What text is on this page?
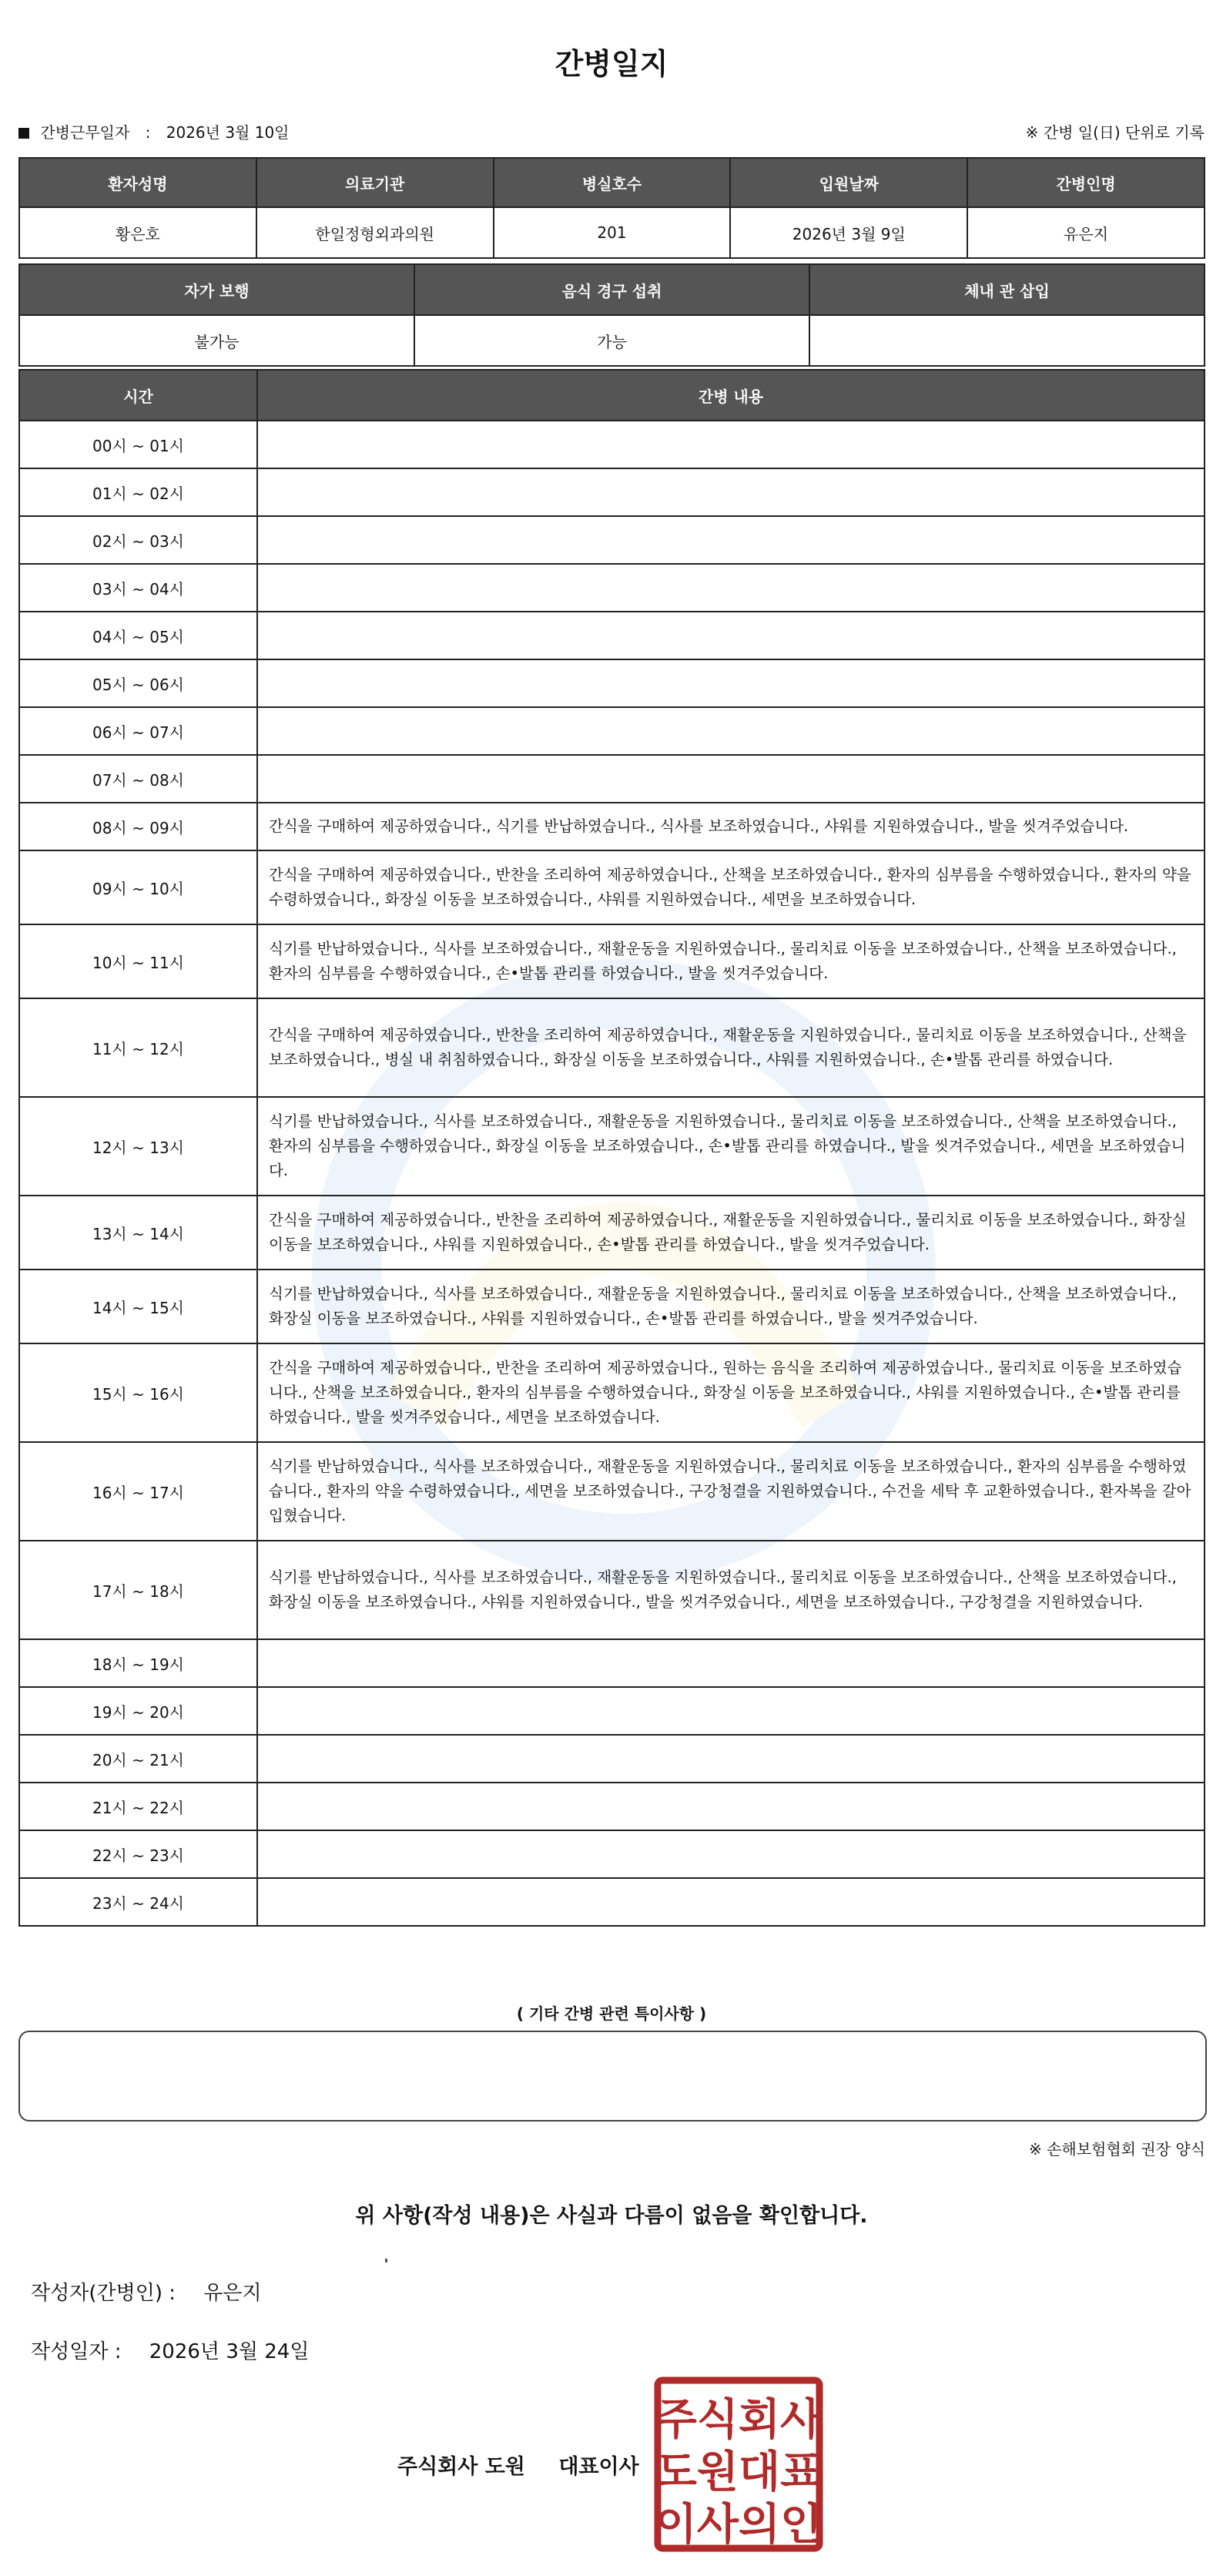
간병일지
간병근무일자 : 2026년 3월 10일	※ 간병 일(日) 단위로 기록
환자성명	의료기관	병실호수	입원날짜	간병인명
황은호	한일정형외과의원	201	2026년 3월 9일	유은지
자가 보행	음식 경구 섭취	체내 관 삽입
불가능	가능	
시간	간병 내용
00시 ~ 01시	
01시 ~ 02시	
02시 ~ 03시	
03시 ~ 04시	
04시 ~ 05시	
05시 ~ 06시	
06시 ~ 07시	
07시 ~ 08시	
08시 ~ 09시	간식을 구매하여 제공하였습니다., 식기를 반납하였습니다., 식사를 보조하였습니다., 샤워를 지원하였습니다., 발을 씻겨주었습니다.
09시 ~ 10시	간식을 구매하여 제공하였습니다., 반찬을 조리하여 제공하였습니다., 산책을 보조하였습니다., 환자의 심부름을 수행하였습니다., 환자의 약을 수령하였습니다., 화장실 이동을 보조하였습니다., 샤워를 지원하였습니다., 세면을 보조하였습니다.
10시 ~ 11시	식기를 반납하였습니다., 식사를 보조하였습니다., 재활운동을 지원하였습니다., 물리치료 이동을 보조하였습니다., 산책을 보조하였습니다., 환자의 심부름을 수행하였습니다., 손•발톱 관리를 하였습니다., 발을 씻겨주었습니다.
11시 ~ 12시	간식을 구매하여 제공하였습니다., 반찬을 조리하여 제공하였습니다., 재활운동을 지원하였습니다., 물리치료 이동을 보조하였습니다., 산책을 보조하였습니다., 병실 내 취침하였습니다., 화장실 이동을 보조하였습니다., 샤워를 지원하였습니다., 손•발톱 관리를 하였습니다.
12시 ~ 13시	식기를 반납하였습니다., 식사를 보조하였습니다., 재활운동을 지원하였습니다., 물리치료 이동을 보조하였습니다., 산책을 보조하였습니다., 환자의 심부름을 수행하였습니다., 화장실 이동을 보조하였습니다., 손•발톱 관리를 하였습니다., 발을 씻겨주었습니다., 세면을 보조하였습니다.
13시 ~ 14시	간식을 구매하여 제공하였습니다., 반찬을 조리하여 제공하였습니다., 재활운동을 지원하였습니다., 물리치료 이동을 보조하였습니다., 화장실 이동을 보조하였습니다., 샤워를 지원하였습니다., 손•발톱 관리를 하였습니다., 발을 씻겨주었습니다.
14시 ~ 15시	식기를 반납하였습니다., 식사를 보조하였습니다., 재활운동을 지원하였습니다., 물리치료 이동을 보조하였습니다., 산책을 보조하였습니다., 화장실 이동을 보조하였습니다., 샤워를 지원하였습니다., 손•발톱 관리를 하였습니다., 발을 씻겨주었습니다.
15시 ~ 16시	간식을 구매하여 제공하였습니다., 반찬을 조리하여 제공하였습니다., 원하는 음식을 조리하여 제공하였습니다., 물리치료 이동을 보조하였습니다., 산책을 보조하였습니다., 환자의 심부름을 수행하였습니다., 화장실 이동을 보조하였습니다., 샤워를 지원하였습니다., 손•발톱 관리를 하였습니다., 발을 씻겨주었습니다., 세면을 보조하였습니다.
16시 ~ 17시	식기를 반납하였습니다., 식사를 보조하였습니다., 재활운동을 지원하였습니다., 물리치료 이동을 보조하였습니다., 환자의 심부름을 수행하였습니다., 환자의 약을 수령하였습니다., 세면을 보조하였습니다., 구강청결을 지원하였습니다., 수건을 세탁 후 교환하였습니다., 환자복을 갈아입혔습니다.
17시 ~ 18시	식기를 반납하였습니다., 식사를 보조하였습니다., 재활운동을 지원하였습니다., 물리치료 이동을 보조하였습니다., 산책을 보조하였습니다., 화장실 이동을 보조하였습니다., 샤워를 지원하였습니다., 발을 씻겨주었습니다., 세면을 보조하였습니다., 구강청결을 지원하였습니다.
18시 ~ 19시	
19시 ~ 20시	
20시 ~ 21시	
21시 ~ 22시	
22시 ~ 23시	
23시 ~ 24시	
( 기타 간병 관련 특이사항 )
※ 손해보험협회 권장 양식
위 사항(작성 내용)은 사실과 다름이 없음을 확인합니다.
작성자(간병인) : 유은지
작성일자 : 2026년 3월 24일
주식회사 도원 대표이사
주식회사
도원대표
이사의인
